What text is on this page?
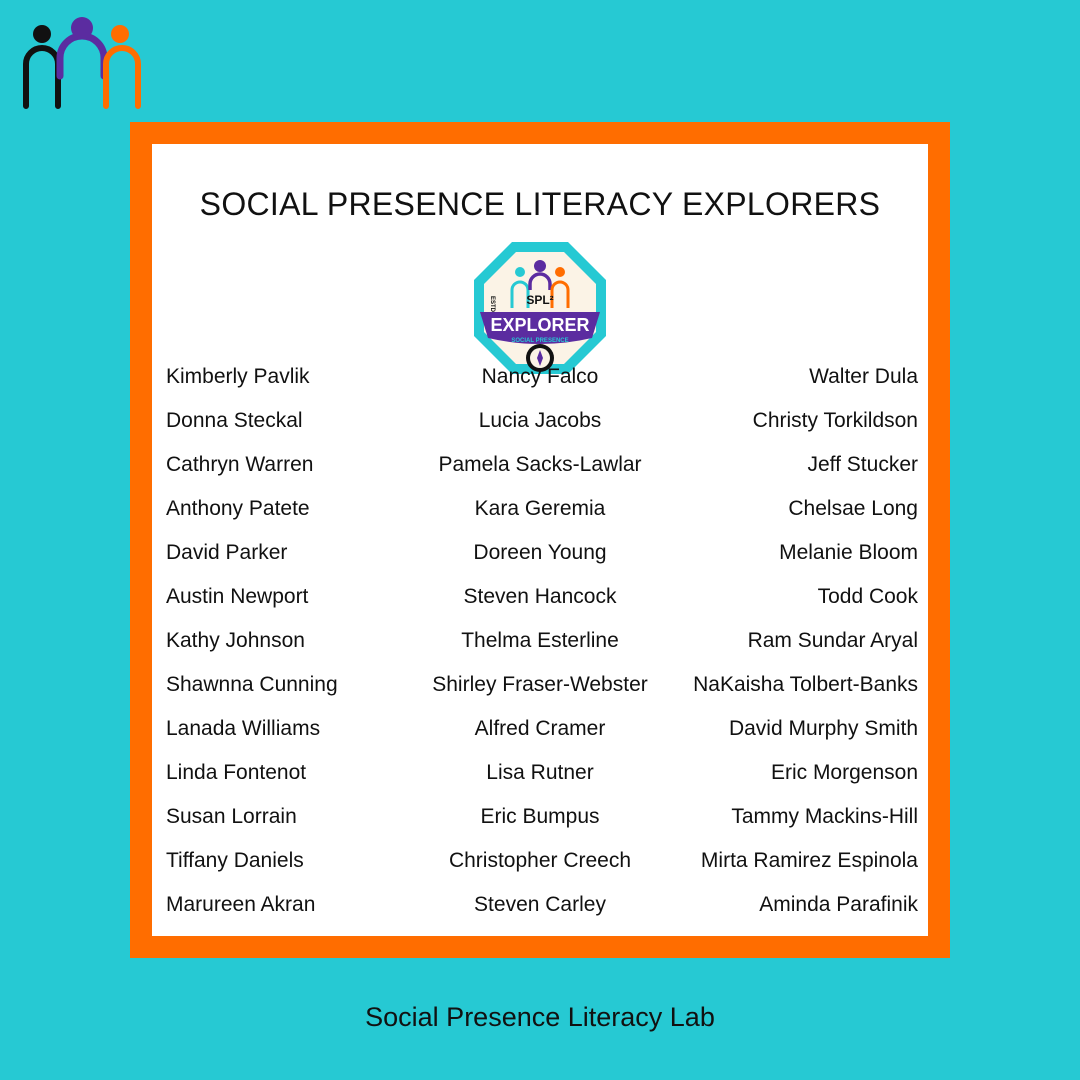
SOCIAL PRESENCE LITERACY EXPLORERS
SPL²
ESTD
EXPLORER
SOCIAL PRESENCE
Kimberly Pavlik
Donna Steckal
Cathryn Warren
Anthony Patete
David Parker
Austin Newport
Kathy Johnson
Shawnna Cunning
Lanada Williams
Linda Fontenot
Susan Lorrain
Tiffany Daniels
Marureen Akran
Nancy Falco
Lucia Jacobs
Pamela Sacks-Lawlar
Kara Geremia
Doreen Young
Steven Hancock
Thelma Esterline
Shirley Fraser-Webster
Alfred Cramer
Lisa Rutner
Eric Bumpus
Christopher Creech
Steven Carley
Walter Dula
Christy Torkildson
Jeff Stucker
Chelsae Long
Melanie Bloom
Todd Cook
Ram Sundar Aryal
NaKaisha Tolbert-Banks
David Murphy Smith
Eric Morgenson
Tammy Mackins-Hill
Mirta Ramirez Espinola
Aminda Parafinik
Social Presence Literacy Lab
